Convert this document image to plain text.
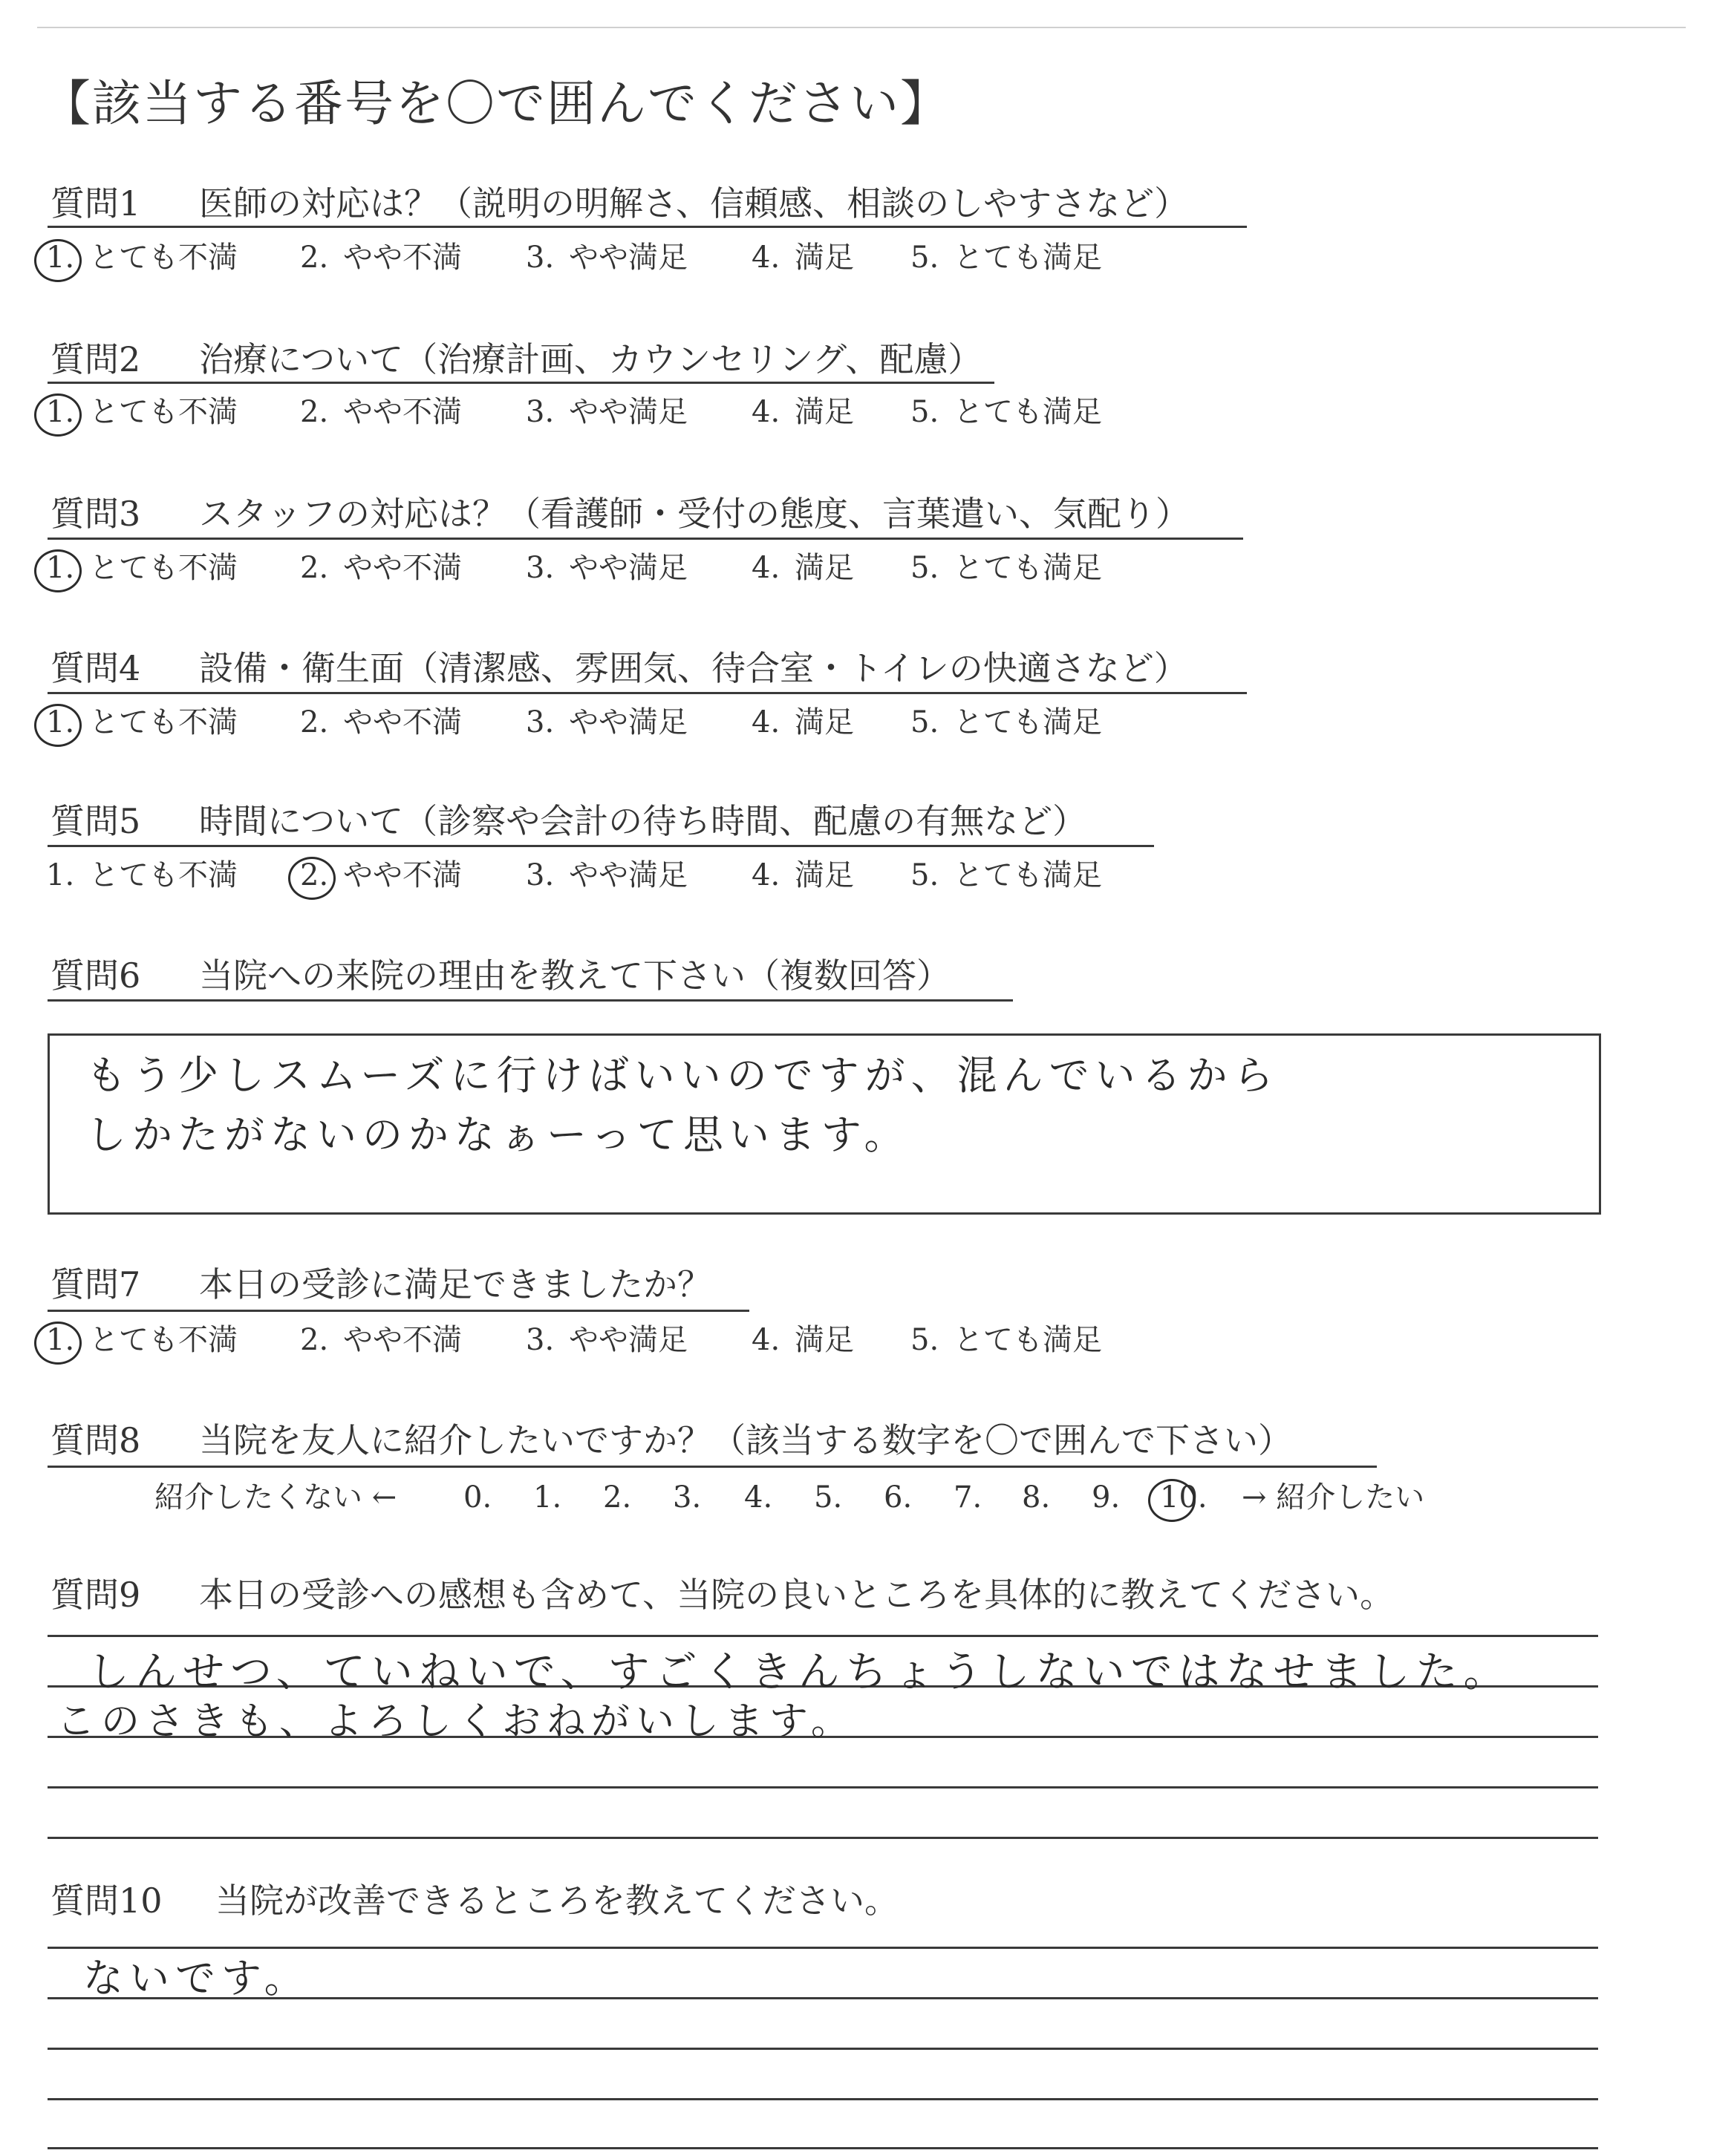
【該当する番号を〇で囲んでください】
質問1 医師の対応は？（説明の明解さ、信頼感、相談のしやすさなど）
1. とても不満 2. やや不満 3. やや満足 4. 満足 5. とても満足
質問2 治療について（治療計画、カウンセリング、配慮）
1. とても不満 2. やや不満 3. やや満足 4. 満足 5. とても満足
質問3 スタッフの対応は？（看護師・受付の態度、言葉遣い、気配り）
1. とても不満 2. やや不満 3. やや満足 4. 満足 5. とても満足
質問4 設備・衛生面（清潔感、雰囲気、待合室・トイレの快適さなど）
1. とても不満 2. やや不満 3. やや満足 4. 満足 5. とても満足
質問5 時間について（診察や会計の待ち時間、配慮の有無など）
1. とても不満 2. やや不満 3. やや満足 4. 満足 5. とても満足
質問6 当院への来院の理由を教えて下さい（複数回答）
もう少しスムーズに行けばいいのですが、混んでいるから
しかたがないのかなぁーって思います。
質問7 本日の受診に満足できましたか？
1. とても不満 2. やや不満 3. やや満足 4. 満足 5. とても満足
質問8 当院を友人に紹介したいですか？（該当する数字を〇で囲んで下さい）
紹介したくない ← 0. 1. 2. 3. 4. 5. 6. 7. 8. 9. 10. → 紹介したい
質問9 本日の受診への感想も含めて、当院の良いところを具体的に教えてください。
しんせつ、ていねいで、すごくきんちょうしないではなせました。
このさきも、よろしくおねがいします。
質問10 当院が改善できるところを教えてください。
ないです。
